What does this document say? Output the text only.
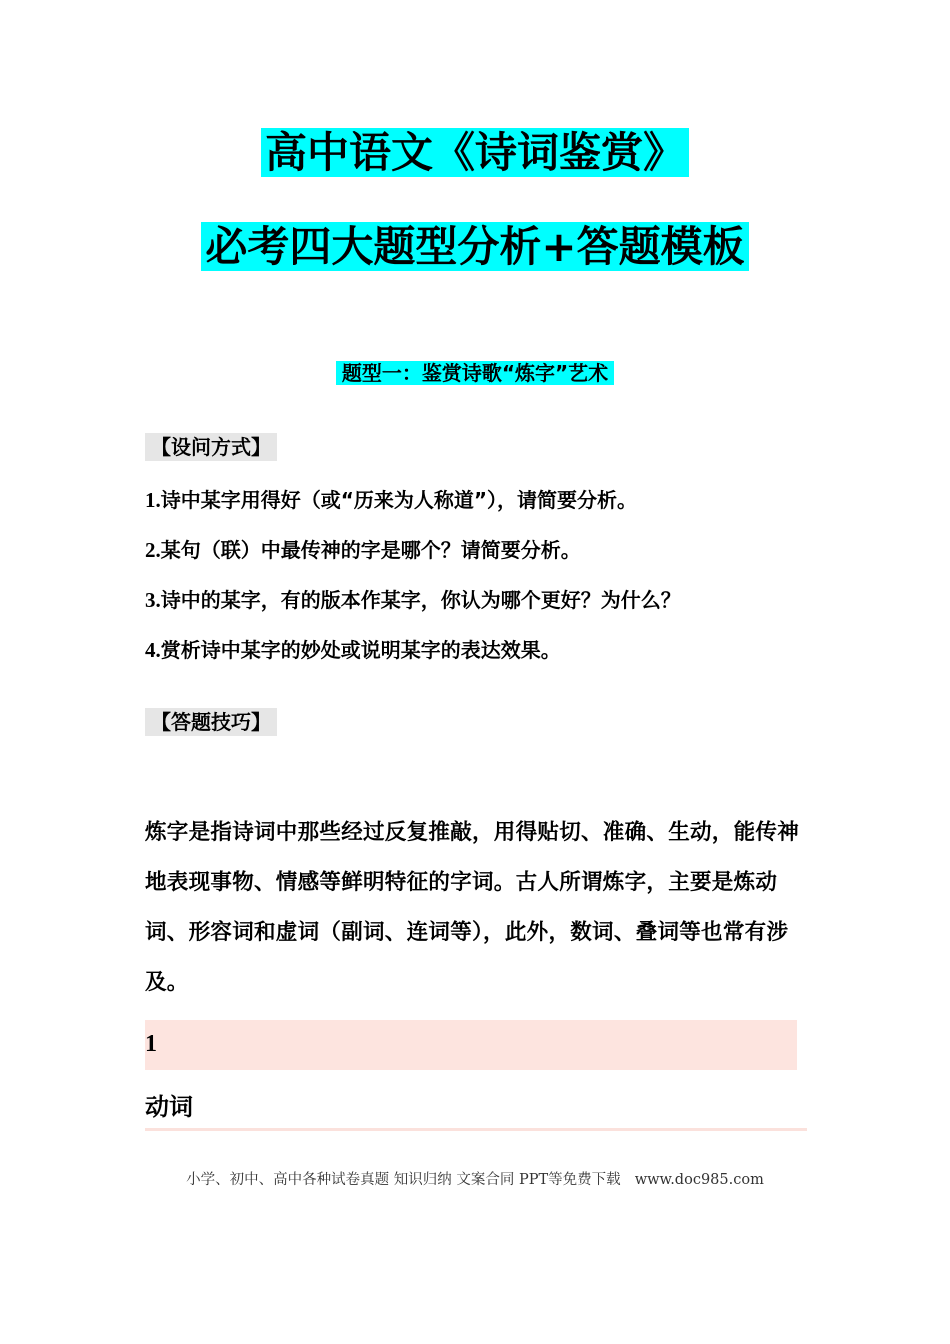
高中语文《诗词鉴赏》
必考四大题型分析+答题模板
题型一：鉴赏诗歌“炼字”艺术
【设问方式】
1.诗中某字用得好（或“历来为人称道”），请简要分析。
2.某句（联）中最传神的字是哪个？请简要分析。
3.诗中的某字，有的版本作某字，你认为哪个更好？为什么？
4.赏析诗中某字的妙处或说明某字的表达效果。
【答题技巧】
炼字是指诗词中那些经过反复推敲，用得贴切、准确、生动，能传神地表现事物、情感等鲜明特征的字词。古人所谓炼字，主要是炼动词、形容词和虚词（副词、连词等），此外，数词、叠词等也常有涉及。
1
动词
小学、初中、高中各种试卷真题 知识归纳 文案合同 PPT等免费下载 www.doc985.com
